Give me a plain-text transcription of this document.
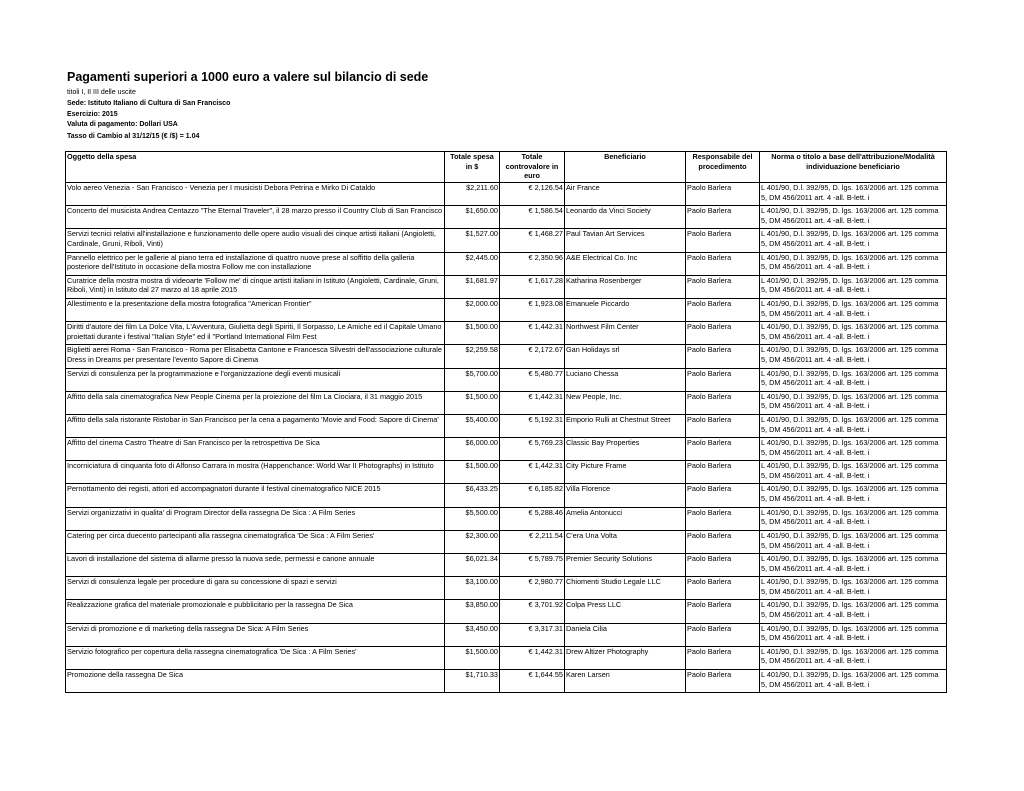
Pagamenti superiori a 1000 euro a valere sul bilancio di sede
titoli I, II III delle uscite
Sede: Istituto Italiano di Cultura di San Francisco
Esercizio: 2015
Valuta di pagamento: Dollari USA
Tasso di Cambio al 31/12/15 (€ /$) = 1.04
Oggetto della spesa	Totale spesa in $	Totale controvalore in euro	Beneficiario	Responsabile del procedimento	Norma o titolo a base dell'attribuzione/Modalità individuazione beneficiario
Volo aereo Venezia - San Francisco - Venezia per I musicisti Debora Petrina e Mirko Di Cataldo	$2,211.60	€ 2,126.54	Air France	Paolo Barlera	L 401/90, D.l. 392/95, D. lgs. 163/2006 art. 125 comma 5, DM 456/2011 art. 4 -all. B-lett. i
Concerto del musicista Andrea Centazzo "The Eternal Traveler", il 28 marzo presso il Country Club di San Francisco	$1,650.00	€ 1,586.54	Leonardo da Vinci Society	Paolo Barlera	L 401/90, D.l. 392/95, D. lgs. 163/2006 art. 125 comma 5, DM 456/2011 art. 4 -all. B-lett. i
Servizi tecnici relativi all'installazione e funzionamento delle opere audio visuali dei cinque artisti italiani (Angioletti, Cardinale, Gruni, Riboli, Vinti)	$1,527.00	€ 1,468.27	Paul Tavian Art Services	Paolo Barlera	L 401/90, D.l. 392/95, D. lgs. 163/2006 art. 125 comma 5, DM 456/2011 art. 4 -all. B-lett. i
Pannello elettrico per le gallerie al piano terra ed installazione di quattro nuove prese al soffitto della galleria posteriore dell'Istituto in occasione della mostra Follow me con installazione	$2,445.00	€ 2,350.96	A&E Electrical Co. Inc	Paolo Barlera	L 401/90, D.l. 392/95, D. lgs. 163/2006 art. 125 comma 5, DM 456/2011 art. 4 -all. B-lett. i
Curatrice della mostra mostra di videoarte 'Follow me' di cinque artisti italiani in Istituto (Angioletti, Cardinale, Gruni, Riboli, Vinti) in Istituto dal 27 marzo al 18 aprile 2015	$1,681.97	€ 1,617.28	Katharina Rosenberger	Paolo Barlera	L 401/90, D.l. 392/95, D. lgs. 163/2006 art. 125 comma 5, DM 456/2011 art. 4 -all. B-lett. i
Allestimento e la presentazione della mostra fotografica "American Frontier"	$2,000.00	€ 1,923.08	Emanuele Piccardo	Paolo Barlera	L 401/90, D.l. 392/95, D. lgs. 163/2006 art. 125 comma 5, DM 456/2011 art. 4 -all. B-lett. i
Diritti d'autore dei film La Dolce Vita, L'Avventura, Giulietta degli Spiriti, Il Sorpasso, Le Amiche ed il Capitale Umano proiettati durante i festival "Italian Style" ed il "Portland International Film Fest	$1,500.00	€ 1,442.31	Northwest Film Center	Paolo Barlera	L 401/90, D.l. 392/95, D. lgs. 163/2006 art. 125 comma 5, DM 456/2011 art. 4 -all. B-lett. i
Biglietti aerei Roma - San Francisco - Roma per Elisabetta Cantone e Francesca Silvestri dell'associazione culturale Dress in Dreams per presentare l'evento Sapore di Cinema	$2,259.58	€ 2,172.67	Gan Holidays srl	Paolo Barlera	L 401/90, D.l. 392/95, D. lgs. 163/2006 art. 125 comma 5, DM 456/2011 art. 4 -all. B-lett. i
Servizi di consulenza per la programmazione e l'organizzazione degli eventi musicali	$5,700.00	€ 5,480.77	Luciano Chessa	Paolo Barlera	L 401/90, D.l. 392/95, D. lgs. 163/2006 art. 125 comma 5, DM 456/2011 art. 4 -all. B-lett. i
Affitto della sala cinematografica New People Cinema per la proiezione del film La Ciociara, il 31 maggio 2015	$1,500.00	€ 1,442.31	New People, Inc.	Paolo Barlera	L 401/90, D.l. 392/95, D. lgs. 163/2006 art. 125 comma 5, DM 456/2011 art. 4 -all. B-lett. i
Affitto della sala ristorante Ristobar in San Francisco per la cena a pagamento 'Movie and Food: Sapore di Cinema'	$5,400.00	€ 5,192.31	Emporio Rulli at Chestnut Street	Paolo Barlera	L 401/90, D.l. 392/95, D. lgs. 163/2006 art. 125 comma 5, DM 456/2011 art. 4 -all. B-lett. i
Affitto del cinema Castro Theatre di San Francisco per la retrospettiva De Sica	$6,000.00	€ 5,769.23	Classic Bay Properties	Paolo Barlera	L 401/90, D.l. 392/95, D. lgs. 163/2006 art. 125 comma 5, DM 456/2011 art. 4 -all. B-lett. i
Incorniciatura di cinquanta foto di Alfonso Carrara in mostra (Happenchance: World War II Photographs) in Istituto	$1,500.00	€ 1,442.31	City Picture Frame	Paolo Barlera	L 401/90, D.l. 392/95, D. lgs. 163/2006 art. 125 comma 5, DM 456/2011 art. 4 -all. B-lett. i
Pernottamento dei registi, attori ed accompagnatori durante il festival cinematografico NICE 2015	$6,433.25	€ 6,185.82	Villa Florence	Paolo Barlera	L 401/90, D.l. 392/95, D. lgs. 163/2006 art. 125 comma 5, DM 456/2011 art. 4 -all. B-lett. i
Servizi organizzativi in qualita' di Program Director della rassegna De Sica : A Film Series	$5,500.00	€ 5,288.46	Amelia Antonucci	Paolo Barlera	L 401/90, D.l. 392/95, D. lgs. 163/2006 art. 125 comma 5, DM 456/2011 art. 4 -all. B-lett. i
Catering per circa duecento partecipanti alla rassegna cinematografica 'De Sica : A Film Series'	$2,300.00	€ 2,211.54	C'era Una Volta	Paolo Barlera	L 401/90, D.l. 392/95, D. lgs. 163/2006 art. 125 comma 5, DM 456/2011 art. 4 -all. B-lett. i
Lavori di installazione del sistema di allarme presso la nuova sede, permessi e canone annuale	$6,021.34	€ 5,789.75	Premier Security Solutions	Paolo Barlera	L 401/90, D.l. 392/95, D. lgs. 163/2006 art. 125 comma 5, DM 456/2011 art. 4 -all. B-lett. i
Servizi di consulenza legale per procedure di gara su concessione di spazi e servizi	$3,100.00	€ 2,980.77	Chiomenti Studio Legale LLC	Paolo Barlera	L 401/90, D.l. 392/95, D. lgs. 163/2006 art. 125 comma 5, DM 456/2011 art. 4 -all. B-lett. i
Realizzazione grafica del materiale promozionale e pubblicitario per la rassegna De Sica	$3,850.00	€ 3,701.92	Colpa Press LLC	Paolo Barlera	L 401/90, D.l. 392/95, D. lgs. 163/2006 art. 125 comma 5, DM 456/2011 art. 4 -all. B-lett. i
Servizi di promozione e di marketing della rassegna De Sica: A Film Series	$3,450.00	€ 3,317.31	Daniela Cilia	Paolo Barlera	L 401/90, D.l. 392/95, D. lgs. 163/2006 art. 125 comma 5, DM 456/2011 art. 4 -all. B-lett. i
Servizio fotografico per copertura della rassegna cinematografica 'De Sica : A Film Series'	$1,500.00	€ 1,442.31	Drew Altizer Photography	Paolo Barlera	L 401/90, D.l. 392/95, D. lgs. 163/2006 art. 125 comma 5, DM 456/2011 art. 4 -all. B-lett. i
Promozione della rassegna De Sica	$1,710.33	€ 1,644.55	Karen Larsen	Paolo Barlera	L 401/90, D.l. 392/95, D. lgs. 163/2006 art. 125 comma 5, DM 456/2011 art. 4 -all. B-lett. i
